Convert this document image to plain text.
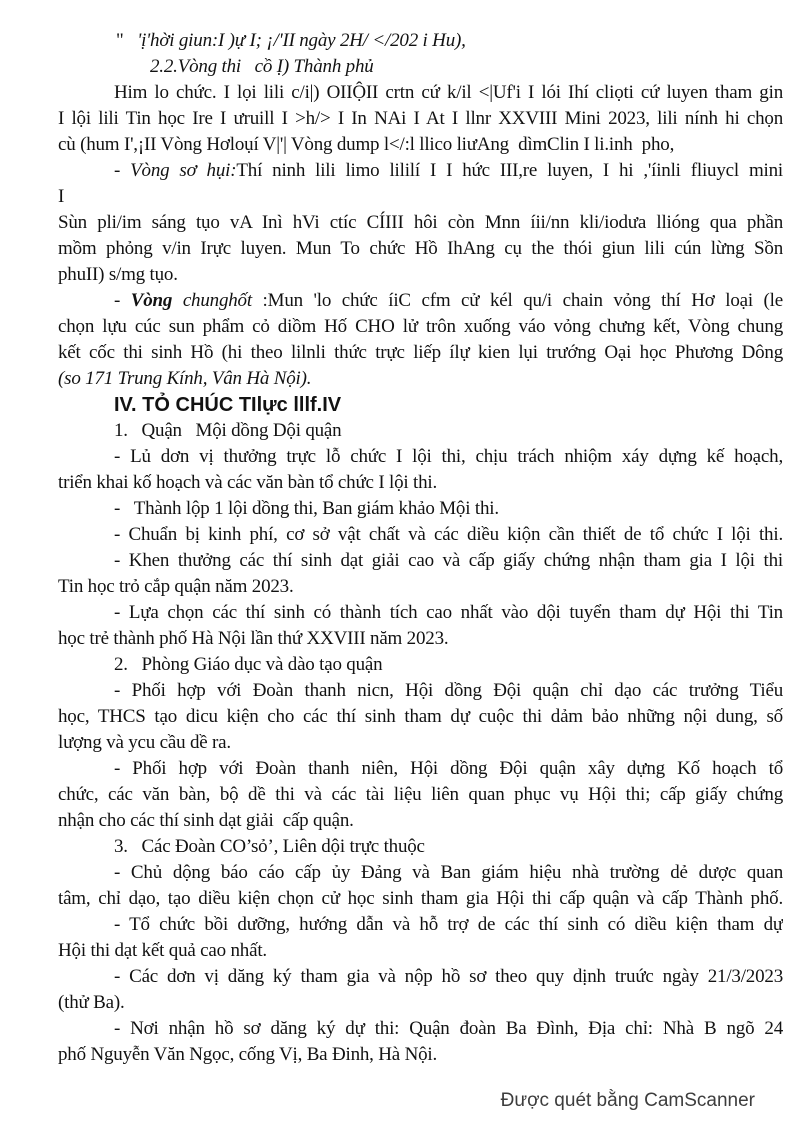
"   'ị'hời giun:I )ự I; ¡/'II ngày 2H/ </202 i Hu),
2.2.Vòng thi   cồ Ị) Thành phủ
Him lo chức. I lọi lili c/i|) OIIỘII crtn cứ k/il <|Uf'i I lói Ihí cliọti cứ luyen tham gin
I lội lili Tin học Ire I ưruill I >h/> I In NAi I At I llnr XXVIII Mini 2023, lili nính hi chọn
cù (hum I',¡II Vòng Hơloụí V|'| Vòng dump l</:l llico liưAng  dìmClin I li.inh  pho,
- Vòng sơ hụi:Thí ninh lili limo lililí I I hức III,re luyen, I hi ,'íinli fliuycl mini
I
Sùn pli/im sáng tụo vA Inì hVi ctíc CÍIII hôi còn Mnn íii/nn kli/iodưa llióng qua phần
mồm phỏng v/in Irực luyen. Mun To chức Hồ IhAng cụ the thói giun lili cún lừng Sồn
phuII) s/mg tụo.
- Vòng chunghốt :Mun 'lo chức íiC cfm cử kél qu/i chain vỏng thí Hơ loại (le
chọn lựu cúc sun phẩm cỏ diồm Hố CHO lử trôn xuống váo vỏng chưng kết, Vòng chung
kết cốc thi sinh Hồ (hi theo lilnli thức trực liếp ílự kien lụi trướng Oại học Phương Dông
(so 171 Trung Kính, Vân Hà Nội).
IV. TỎ CHÚC TIlực lllf.IV
1.   Quận   Mội dồng Dội quận
- Lủ dơn vị thưởng trực lỗ chức I lội thi, chịu trách nhiộm xáy dựng kế hoạch,
triển khai kố hoạch và các văn bàn tổ chức I lội thi.
-   Thành lộp 1 lội dồng thi, Ban giám khảo Mội thi.
- Chuẩn bị kinh phí, cơ sở vật chất và các diều kiộn cần thiết de tổ chức I lội thi.
- Khen thưởng các thí sinh dạt giải cao và cấp giấy chứng nhận tham gia I lội thi
Tin học trỏ cắp quận năm 2023.
- Lựa chọn các thí sinh có thành tích cao nhất vào dội tuyển tham dự Hội thi Tin
học trẻ thành phố Hà Nội lần thứ XXVIII năm 2023.
2.   Phòng Giáo dục và dào tạo quận
- Phối hợp với Đoàn thanh nicn, Hội dồng Đội quận chỉ dạo các trưởng Tiểu
học, THCS tạo dicu kiện cho các thí sinh tham dự cuộc thi dảm bảo những nội dung, số
lượng và ycu cầu dề ra.
- Phối hợp với Đoàn thanh niên, Hội dồng Đội quận xây dựng Kố hoạch tổ
chức, các văn bàn, bộ dề thi và các tài liệu liên quan phục vụ Hội thi; cấp giấy chứng
nhận cho các thí sinh dạt giải  cấp quận.
3.   Các Đoàn CO’sỏ’, Liên dội trực thuộc
- Chủ dộng báo cáo cấp ủy Đảng và Ban giám hiệu nhà trường dẻ dược quan
tâm, chỉ dạo, tạo diều kiện chọn cử học sinh tham gia Hội thi cấp quận và cấp Thành phố.
- Tổ chức bồi dưỡng, hướng dẫn và hỗ trợ de các thí sinh có diều kiện tham dự
Hội thi dạt kết quả cao nhất.
- Các dơn vị dăng ký tham gia và nộp hồ sơ theo quy dịnh truức ngày 21/3/2023
(thử Ba).
- Nơi nhận hồ sơ dăng ký dự thi: Quận đoàn Ba Đình, Địa chỉ: Nhà B ngõ 24
phố Nguyễn Văn Ngọc, cống Vị, Ba Đinh, Hà Nội.
Được quét bằng CamScanner
